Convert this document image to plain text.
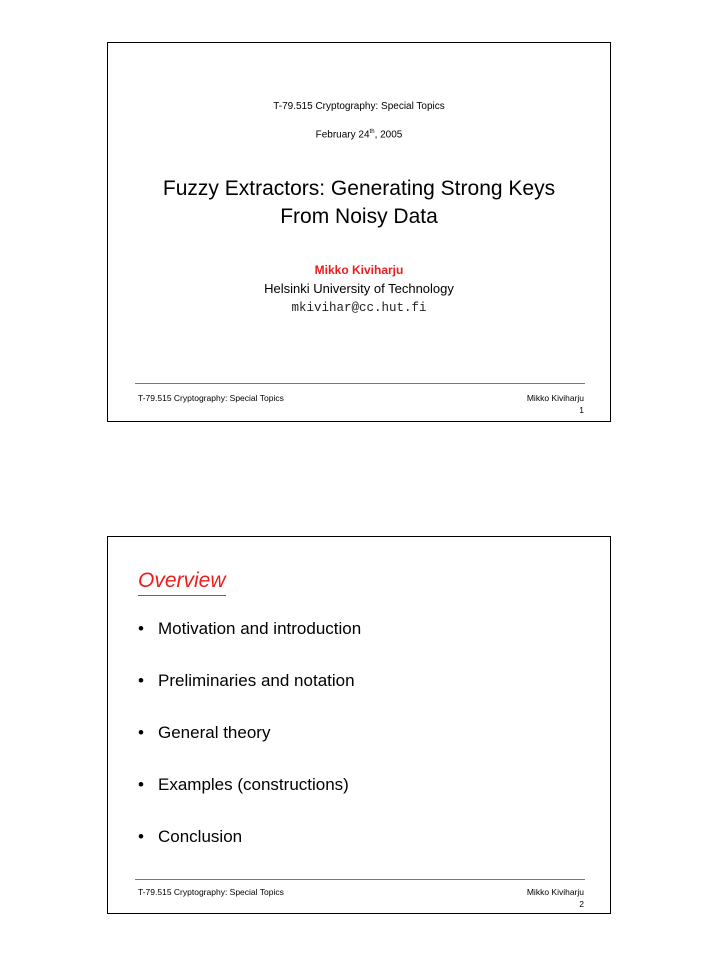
T-79.515 Cryptography: Special Topics
February 24th, 2005
Fuzzy Extractors: Generating Strong Keys
From Noisy Data
Mikko Kiviharju
Helsinki University of Technology
mkivihar@cc.hut.fi
T-79.515 Cryptography: Special Topics	Mikko Kiviharju
1
Overview
• Motivation and introduction
• Preliminaries and notation
• General theory
• Examples (constructions)
• Conclusion
T-79.515 Cryptography: Special Topics	Mikko Kiviharju
2
